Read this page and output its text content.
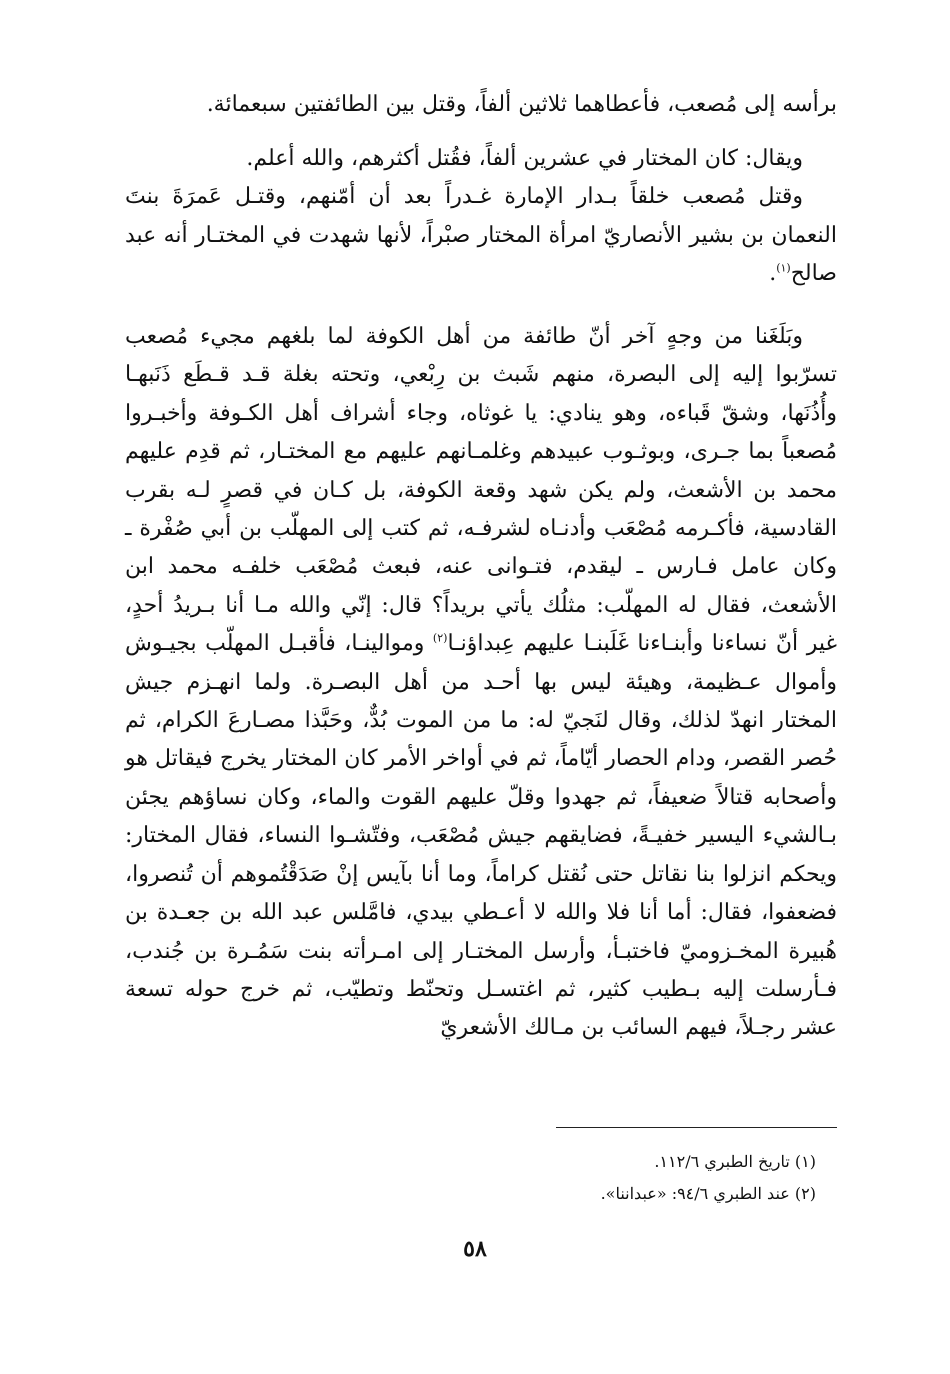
برأسه إلى مُصعب، فأعطاهما ثلاثين ألفاً، وقتل بين الطائفتين سبعمائة.

ويقال: كان المختار في عشرين ألفاً، فقُتل أكثرهم، والله أعلم.

وقتل مُصعب خلقاً بـدار الإمارة غـدراً بعد أن أمّنهم، وقتـل عَمرَةَ بنتَ النعمان بن بشير الأنصاريّ امرأة المختار صبْراً، لأنها شهدت في المختـار أنه عبد صالح$^{(١)}$.

وبَلَغَنا من وجهٍ آخر أنّ طائفة من أهل الكوفة لما بلغهم مجيء مُصعب تسرّبوا إليه إلى البصرة، منهم شَبث بن رِبْعي، وتحته بغلة قـد قـطَع ذَنَبهـا وأُذُنَها، وشقّ قَباءه، وهو ينادي: يا غوثاه، وجاء أشراف أهل الكـوفة وأخبـروا مُصعباً بما جـرى، وبوثـوب عبيدهم وغلمـانهم عليهم مع المختـار، ثم قدِم عليهم محمد بن الأشعث، ولم يكن شهد وقعة الكوفة، بل كـان في قصرٍ لـه بقرب القادسية، فأكـرمه مُصْعَب وأدنـاه لشرفـه، ثم كتب إلى المهلّب بن أبي صُفْرة ـ وكان عامل فـارس ـ ليقدم، فتـوانى عنه، فبعث مُصْعَب خلفـه محمد ابن الأشعث، فقال له المهلّب: مثلُك يأتي بريداً؟ قال: إنّي والله مـا أنا بـريدُ أحدٍ، غير أنّ نساءنا وأبنـاءنا غَلَبنـا عليهم عِبداؤنـا$^{(٢)}$ وموالينـا، فأقبـل المهلّب بجيـوش وأموال عـظيمة، وهيئة ليس بها أحـد من أهل البصـرة. ولما انهـزم جيش المختار انهدّ لذلك، وقال لنَجيّ له: ما من الموت بُدٌّ، وحَبَّذا مصـارعَ الكرام، ثم حُصر القصر، ودام الحصار أيّاماً، ثم في أواخر الأمر كان المختار يخرج فيقاتل هو وأصحابه قتالاً ضعيفاً، ثم جهدوا وقلّ عليهم القوت والماء، وكان نساؤهم يجئن بـالشيء اليسير خفيـةً، فضايقهم جيش مُصْعَب، وفتّشـوا النساء، فقال المختار: ويحكم انزلوا بنا نقاتل حتى نُقتل كراماً، وما أنا بآيس إنْ صَدَقْتُموهم أن تُنصروا، فضعفوا، فقال: أما أنا فلا والله لا أعـطي بيدي، فامَّلس عبد الله بن جعـدة بن هُبيرة المخـزوميّ فاختبـأ، وأرسل المختـار إلى امـرأته بنت سَمُـرة بن جُندب، فـأرسلت إليه بـطيب كثير، ثم اغتسـل وتحنّط وتطيّب، ثم خرج حوله تسعة عشر رجـلاً، فيهم السائب بن مـالك الأشعريّ

(١) تاريخ الطبري ١١٢/٦.

(٢) عند الطبري ٩٤/٦: «عبداننا».

٥٨
